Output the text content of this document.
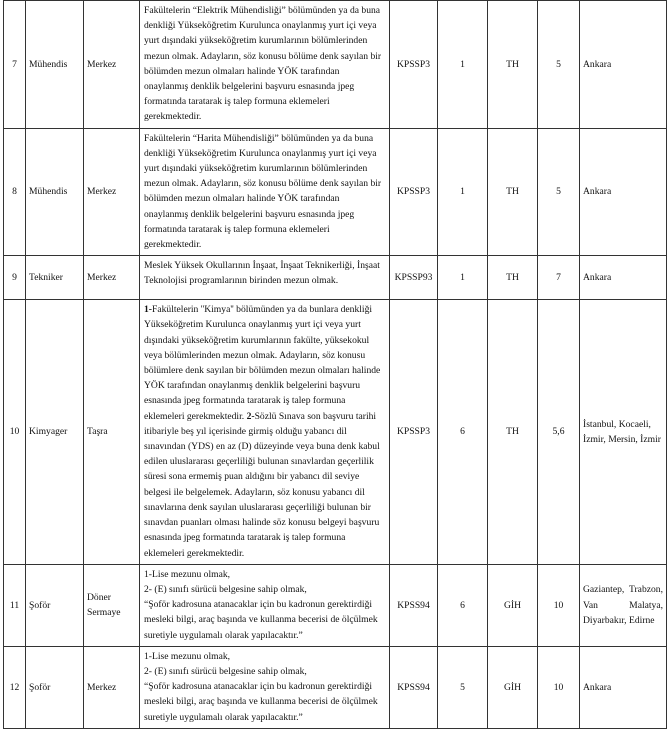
7	Mühendis	Merkez	Fakültelerin “Elektrik Mühendisliği” bölümünden ya da buna denkliği Yükseköğretim Kurulunca onaylanmış yurt içi veya yurt dışındaki yükseköğretim kurumlarının bölümlerinden mezun olmak. Adayların, söz konusu bölüme denk sayılan bir bölümden mezun olmaları halinde YÖK tarafından onaylanmış denklik belgelerini başvuru esnasında jpeg formatında taratarak iş talep formuna eklemeleri gerekmektedir.	KPSSP3	1	TH	5	Ankara
8	Mühendis	Merkez	Fakültelerin “Harita Mühendisliği” bölümünden ya da buna denkliği Yükseköğretim Kurulunca onaylanmış yurt içi veya yurt dışındaki yükseköğretim kurumlarının bölümlerinden mezun olmak. Adayların, söz konusu bölüme denk sayılan bir bölümden mezun olmaları halinde YÖK tarafından onaylanmış denklik belgelerini başvuru esnasında jpeg formatında taratarak iş talep formuna eklemeleri gerekmektedir.	KPSSP3	1	TH	5	Ankara
9	Tekniker	Merkez	Meslek Yüksek Okullarının İnşaat, İnşaat Teknikerliği, İnşaat Teknolojisi programlarının birinden mezun olmak.	KPSSP93	1	TH	7	Ankara
10	Kimyager	Taşra	1-Fakültelerin ''Kimya'' bölümünden ya da bunlara denkliği Yükseköğretim Kurulunca onaylanmış yurt içi veya yurt dışındaki yükseköğretim kurumlarının fakülte, yüksekokul veya bölümlerinden mezun olmak. Adayların, söz konusu bölümlere denk sayılan bir bölümden mezun olmaları halinde YÖK tarafından onaylanmış denklik belgelerini başvuru esnasında jpeg formatında taratarak iş talep formuna eklemeleri gerekmektedir. 2-Sözlü Sınava son başvuru tarihi itibariyle beş yıl içerisinde girmiş olduğu yabancı dil sınavından (YDS) en az (D) düzeyinde veya buna denk kabul edilen uluslararası geçerliliği bulunan sınavlardan geçerlilik süresi sona ermemiş puan aldığını bir yabancı dil seviye belgesi ile belgelemek. Adayların, söz konusu yabancı dil sınavlarına denk sayılan uluslararası geçerliliği bulunan bir sınavdan puanları olması halinde söz konusu belgeyi başvuru esnasında jpeg formatında taratarak iş talep formuna eklemeleri gerekmektedir.	KPSSP3	6	TH	5,6	İstanbul, Kocaeli, İzmir, Mersin, İzmir
11	Şoför	Döner Sermaye	1-Lise mezunu olmak,

2- (E) sınıfı sürücü belgesine sahip olmak,

“Şoför kadrosuna atanacaklar için bu kadronun gerektirdiği mesleki bilgi, araç başında ve kullanma becerisi de ölçülmek suretiyle uygulamalı olarak yapılacaktır.”	KPSS94	6	GİH	10	Gaziantep, Trabzon, Van Malatya, Diyarbakır, Edirne
12	Şoför	Merkez	1-Lise mezunu olmak,

2- (E) sınıfı sürücü belgesine sahip olmak,

“Şoför kadrosuna atanacaklar için bu kadronun gerektirdiği mesleki bilgi, araç başında ve kullanma becerisi de ölçülmek suretiyle uygulamalı olarak yapılacaktır.”	KPSS94	5	GİH	10	Ankara
